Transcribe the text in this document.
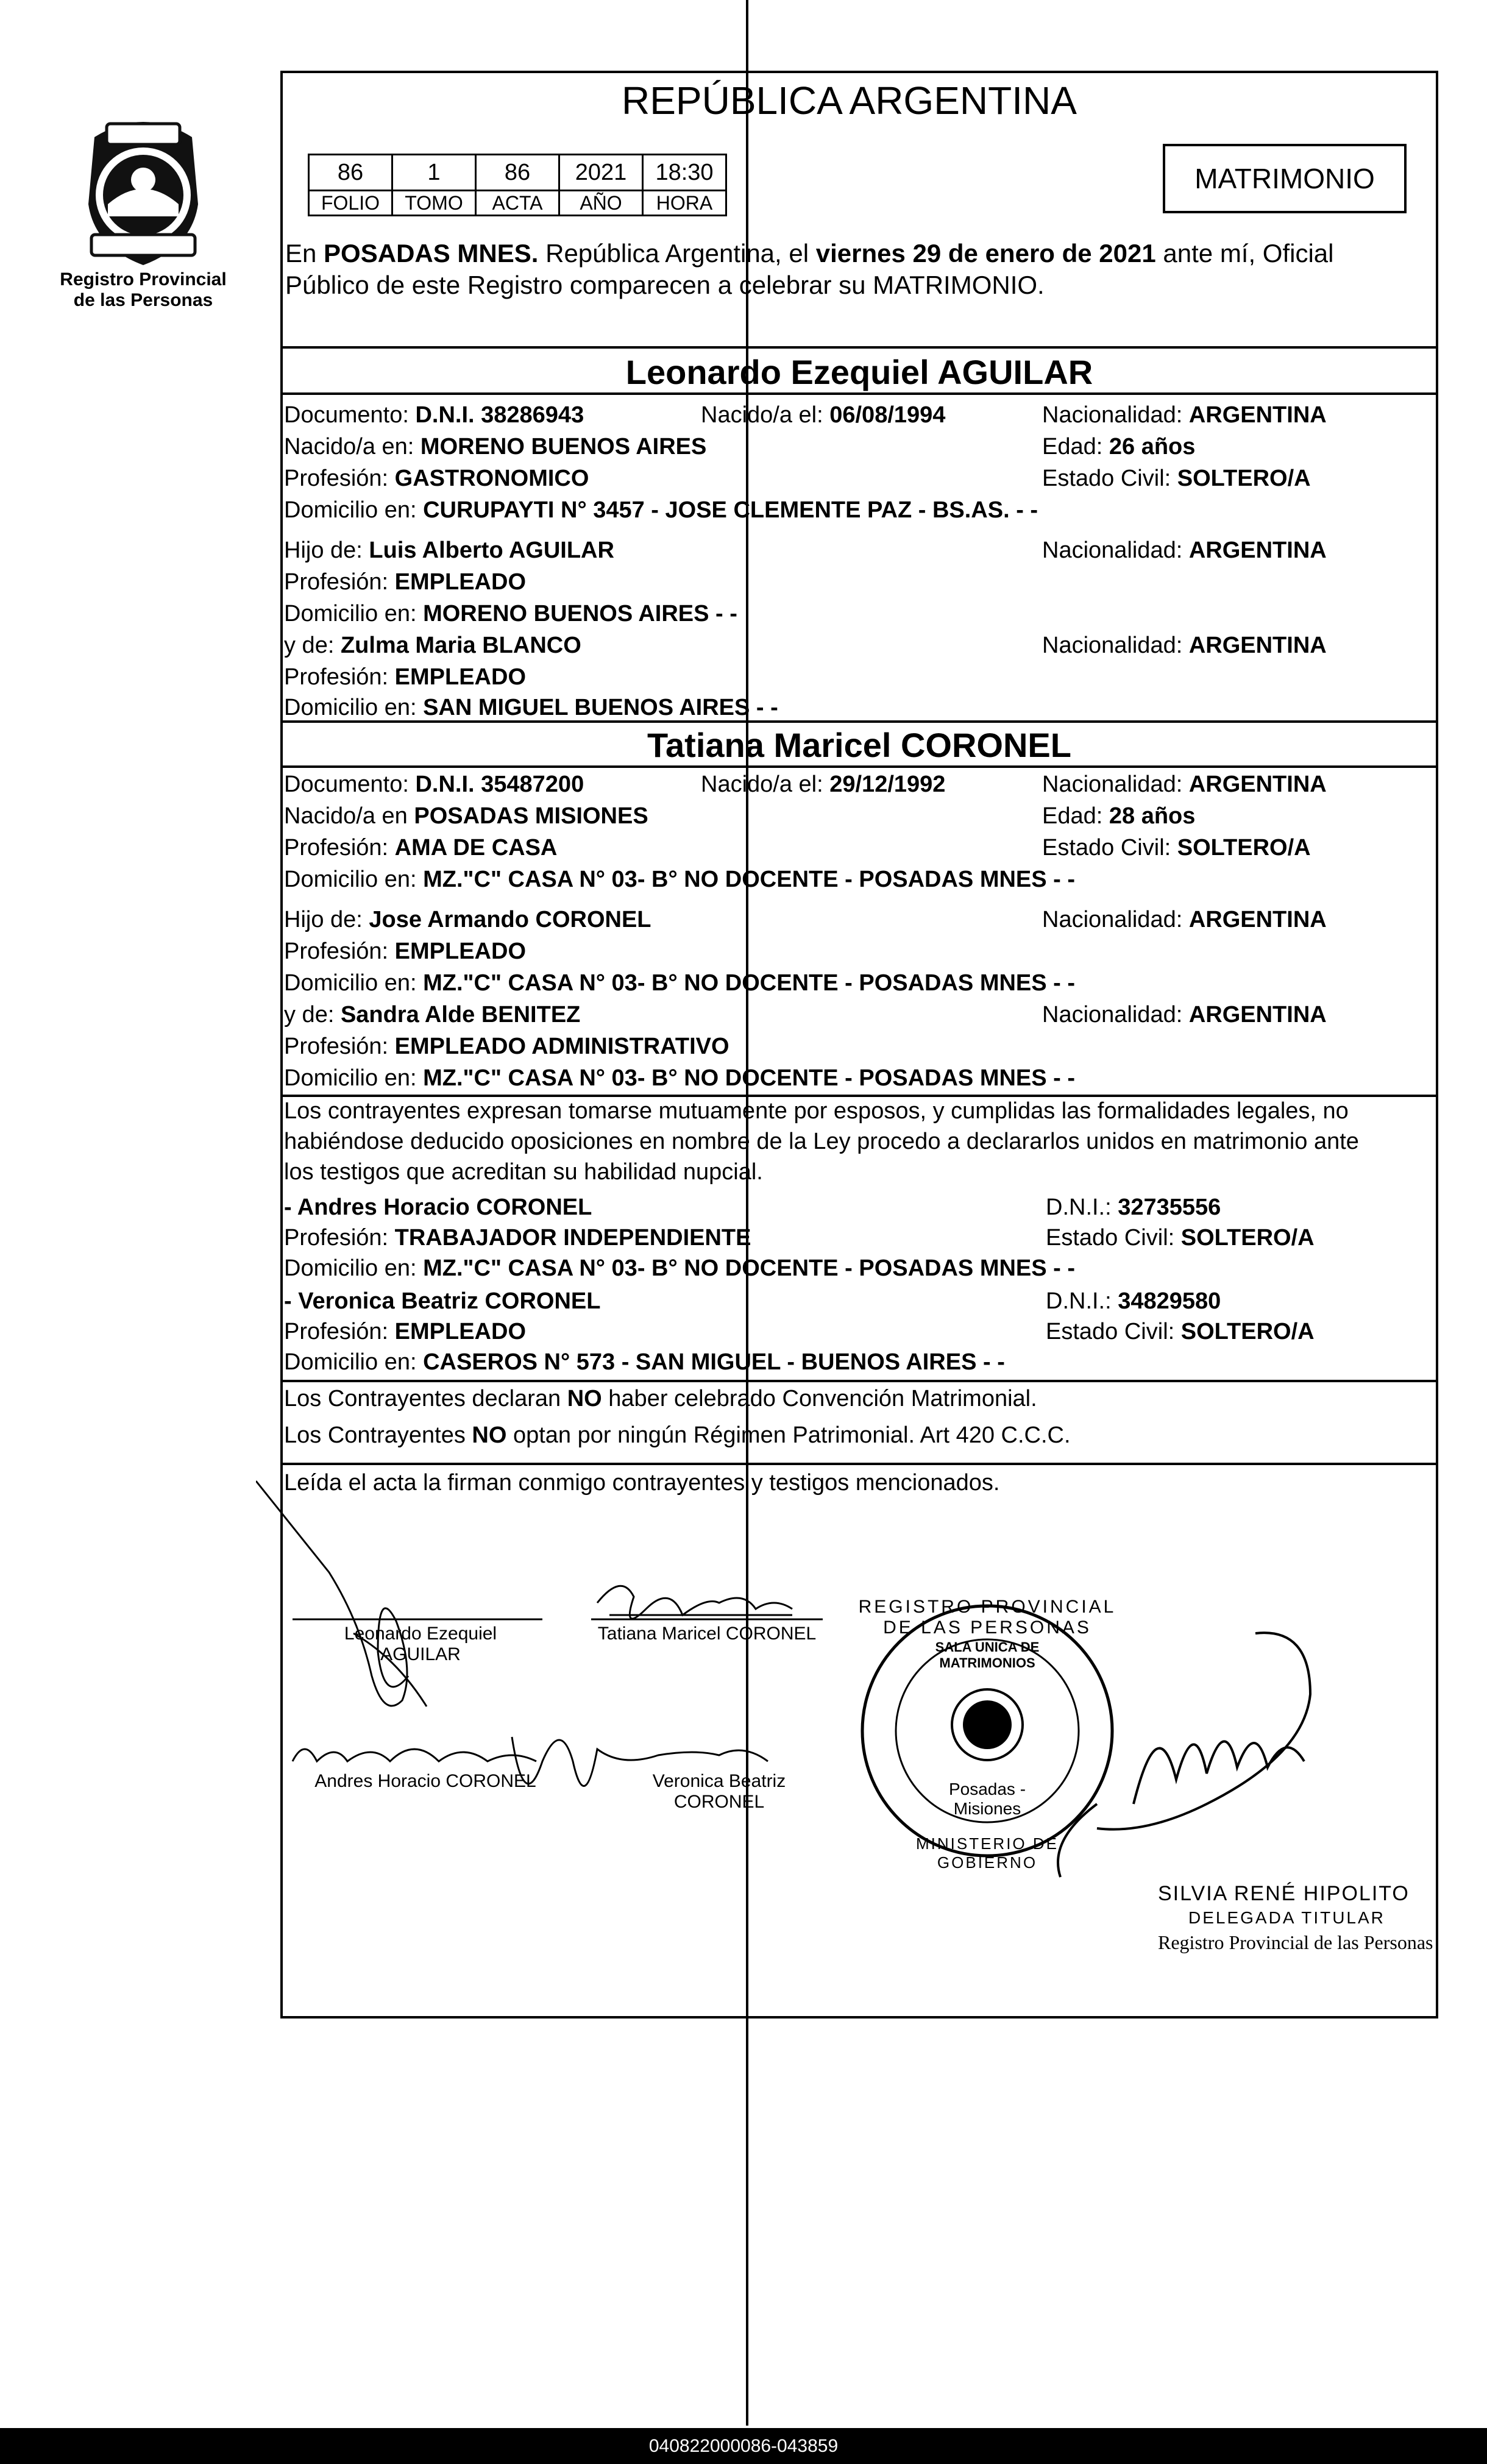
Registro Provincial
de las Personas
REPÚBLICA ARGENTINA
86	1	86	2021	18:30
FOLIO	TOMO	ACTA	AÑO	HORA
MATRIMONIO
En POSADAS MNES. República Argentina, el viernes 29 de enero de 2021 ante mí, Oficial
Público de este Registro comparecen a celebrar su MATRIMONIO.
Leonardo Ezequiel AGUILAR
Documento: D.N.I. 38286943	Nacido/a el: 06/08/1994	Nacionalidad: ARGENTINA
Nacido/a en: MORENO BUENOS AIRES	Edad: 26 años
Profesión: GASTRONOMICO	Estado Civil: SOLTERO/A
Domicilio en: CURUPAYTI N° 3457 - JOSE CLEMENTE PAZ - BS.AS. - -
Hijo de: Luis Alberto AGUILAR	Nacionalidad: ARGENTINA
Profesión: EMPLEADO
Domicilio en: MORENO BUENOS AIRES - -
y de: Zulma Maria BLANCO	Nacionalidad: ARGENTINA
Profesión: EMPLEADO
Domicilio en: SAN MIGUEL BUENOS AIRES - -
Tatiana Maricel CORONEL
Documento: D.N.I. 35487200	Nacido/a el: 29/12/1992	Nacionalidad: ARGENTINA
Nacido/a en POSADAS MISIONES	Edad: 28 años
Profesión: AMA DE CASA	Estado Civil: SOLTERO/A
Domicilio en: MZ."C" CASA N° 03- B° NO DOCENTE - POSADAS MNES - -
Hijo de: Jose Armando CORONEL	Nacionalidad: ARGENTINA
Profesión: EMPLEADO
Domicilio en: MZ."C" CASA N° 03- B° NO DOCENTE - POSADAS MNES - -
y de: Sandra Alde BENITEZ	Nacionalidad: ARGENTINA
Profesión: EMPLEADO ADMINISTRATIVO
Domicilio en: MZ."C" CASA N° 03- B° NO DOCENTE - POSADAS MNES - -
Los contrayentes expresan tomarse mutuamente por esposos, y cumplidas las formalidades legales, no
habiéndose deducido oposiciones en nombre de la Ley procedo a declararlos unidos en matrimonio ante
los testigos que acreditan su habilidad nupcial.
- Andres Horacio CORONEL	D.N.I.: 32735556
Profesión: TRABAJADOR INDEPENDIENTE	Estado Civil: SOLTERO/A
Domicilio en: MZ."C" CASA N° 03- B° NO DOCENTE - POSADAS MNES - -
- Veronica Beatriz CORONEL	D.N.I.: 34829580
Profesión: EMPLEADO	Estado Civil: SOLTERO/A
Domicilio en: CASEROS N° 573 - SAN MIGUEL - BUENOS AIRES - -
Los Contrayentes declaran NO haber celebrado Convención Matrimonial.
Los Contrayentes NO optan por ningún Régimen Patrimonial. Art 420 C.C.C.
Leída el acta la firman conmigo contrayentes y testigos mencionados.
Leonardo Ezequiel
AGUILAR
Tatiana Maricel CORONEL
Andres Horacio CORONEL	Veronica Beatriz
CORONEL
REGISTRO PROVINCIAL DE LAS PERSONAS
SALA UNICA DE MATRIMONIOS
Posadas - Misiones
MINISTERIO DE GOBIERNO
SILVIA RENÉ HIPOLITO
DELEGADA TITULAR
Registro Provincial de las Personas
040822000086-043859
